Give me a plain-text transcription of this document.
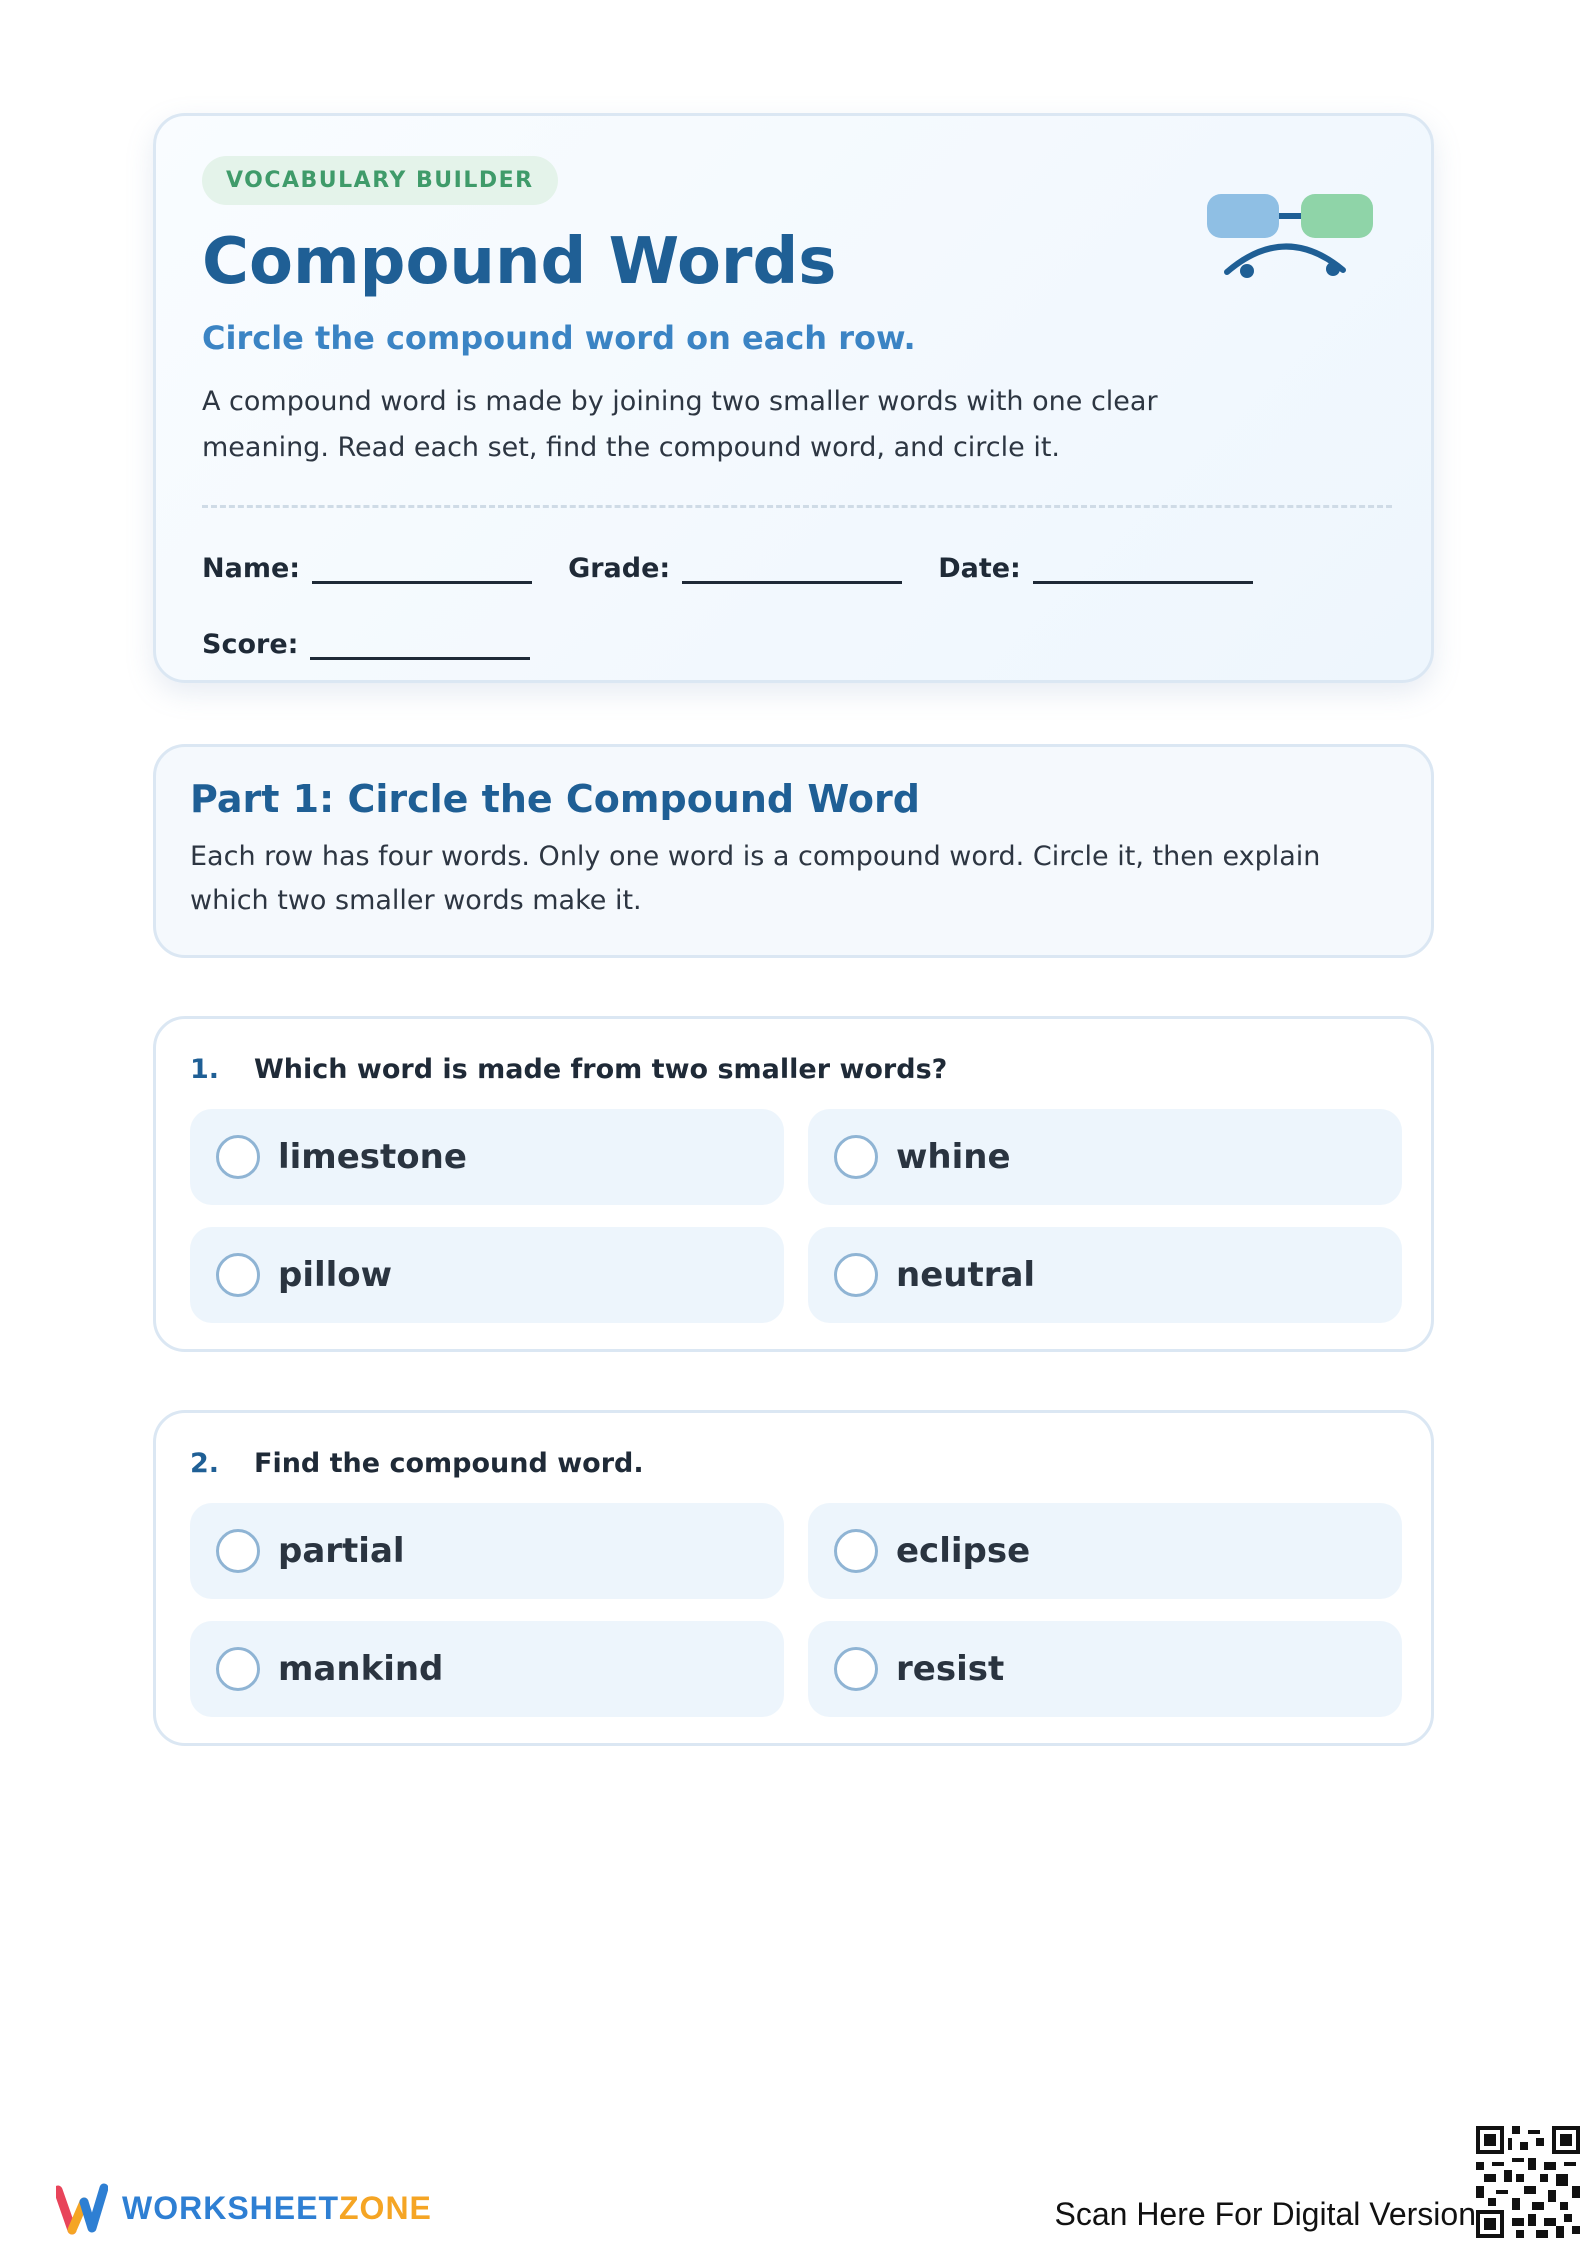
VOCABULARY BUILDER
Compound Words
Circle the compound word on each row.

A compound word is made by joining two smaller words with one clear meaning. Read each set, find the compound word, and circle it.

Name:	Grade:	Date:
Score:
Part 1: Circle the Compound Word

Each row has four words. Only one word is a compound word. Circle it, then explain which two smaller words make it.

1.	Which word is made from two smaller words?
limestone	whine
pillow	neutral
2.	Find the compound word.
partial	eclipse
mankind	resist
WORKSHEETZONE	Scan Here For Digital Version
